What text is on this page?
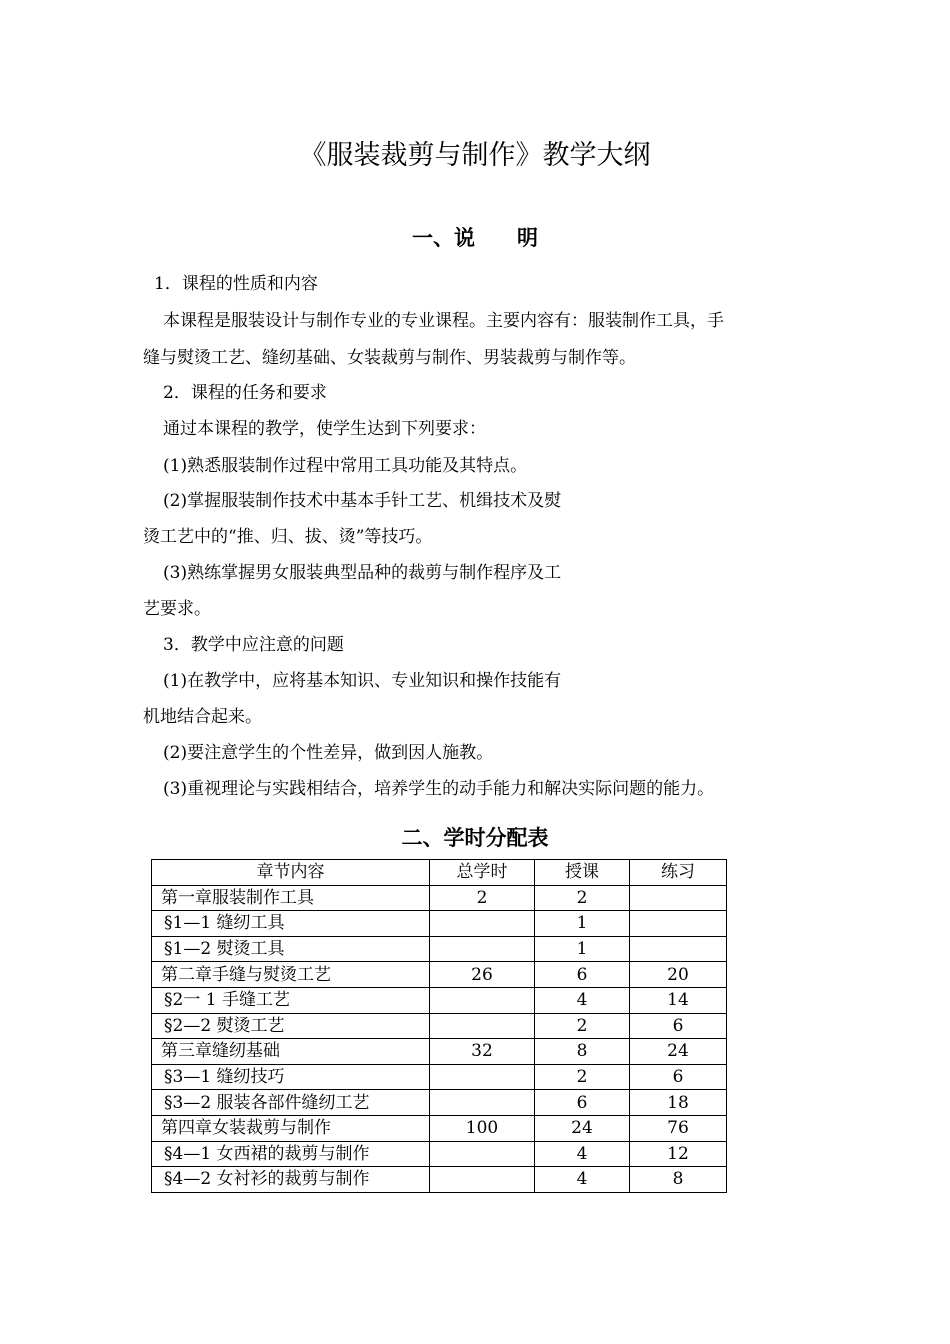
《服装裁剪与制作》教学大纲
一、说　　明
1．课程的性质和内容
本课程是服装设计与制作专业的专业课程。主要内容有：服装制作工具，手
缝与熨烫工艺、缝纫基础、女装裁剪与制作、男装裁剪与制作等。
2．课程的任务和要求
通过本课程的教学，使学生达到下列要求：
(1)熟悉服装制作过程中常用工具功能及其特点。
(2)掌握服装制作技术中基本手针工艺、机缉技术及熨
烫工艺中的“推、归、拔、烫”等技巧。
(3)熟练掌握男女服装典型品种的裁剪与制作程序及工
艺要求。
3．教学中应注意的问题
(1)在教学中，应将基本知识、专业知识和操作技能有
机地结合起来。
(2)要注意学生的个性差异，做到因人施教。
(3)重视理论与实践相结合，培养学生的动手能力和解决实际问题的能力。
二、学时分配表
章节内容	总学时	授课	练习
第一章服装制作工具	2	2	
§1—1 缝纫工具		1	
§1—2 熨烫工具		1	
第二章手缝与熨烫工艺	26	6	20
§2一 1 手缝工艺		4	14
§2—2 熨烫工艺		2	6
第三章缝纫基础	32	8	24
§3—1 缝纫技巧		2	6
§3—2 服装各部件缝纫工艺		6	18
第四章女装裁剪与制作	100	24	76
§4—1 女西裙的裁剪与制作		4	12
§4—2 女衬衫的裁剪与制作		4	8
